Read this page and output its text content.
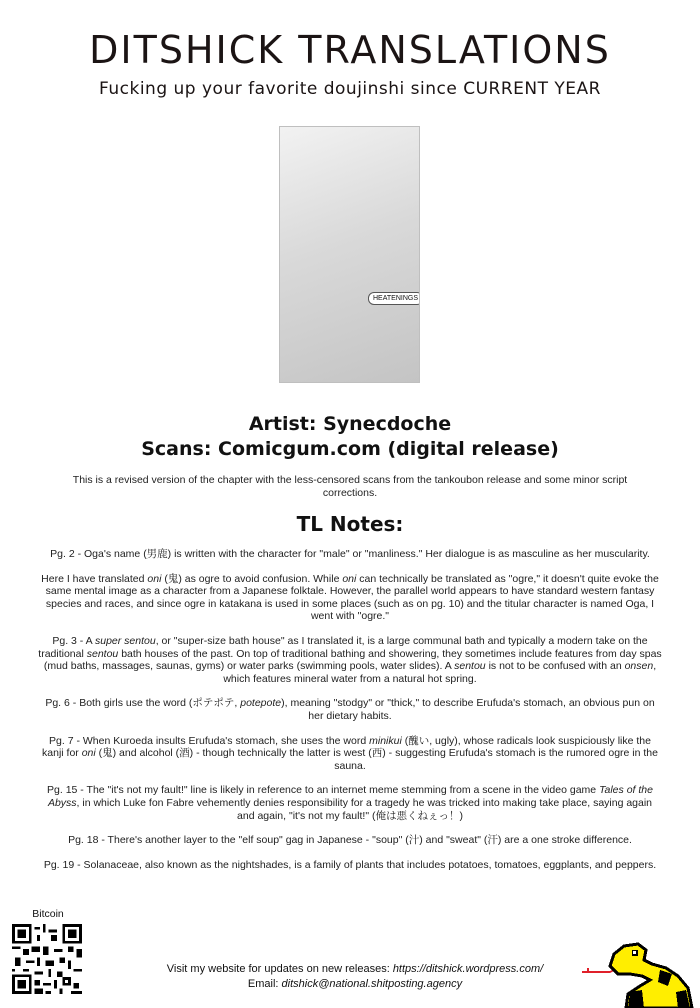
DITSHICK TRANSLATIONS
Fucking up your favorite doujinshi since CURRENT YEAR
HEATENINGS
Artist: Synecdoche
Scans: Comicgum.com (digital release)
This is a revised version of the chapter with the less-censored scans from the tankoubon release and some minor script corrections.
TL Notes:

Pg. 2 - Oga's name (男鹿) is written with the character for "male" or "manliness." Her dialogue is as masculine as her muscularity.

Here I have translated oni (鬼) as ogre to avoid confusion. While oni can technically be translated as "ogre," it doesn't quite evoke the same mental image as a character from a Japanese folktale. However, the parallel world appears to have standard western fantasy species and races, and since ogre in katakana is used in some places (such as on pg. 10) and the titular character is named Oga, I went with "ogre."

Pg. 3 - A super sentou, or "super-size bath house" as I translated it, is a large communal bath and typically a modern take on the traditional sentou bath houses of the past. On top of traditional bathing and showering, they sometimes include features from day spas (mud baths, massages, saunas, gyms) or water parks (swimming pools, water slides). A sentou is not to be confused with an onsen, which features mineral water from a natural hot spring.

Pg. 6 - Both girls use the word (ポテポテ, potepote), meaning "stodgy" or "thick," to describe Erufuda's stomach, an obvious pun on her dietary habits.

Pg. 7 - When Kuroeda insults Erufuda's stomach, she uses the word minikui (醜い, ugly), whose radicals look suspiciously like the kanji for oni (鬼) and alcohol (酒) - though technically the latter is west (西) - suggesting Erufuda's stomach is the rumored ogre in the sauna.

Pg. 15 - The "it's not my fault!" line is likely in reference to an internet meme stemming from a scene in the video game Tales of the Abyss, in which Luke fon Fabre vehemently denies responsibility for a tragedy he was tricked into making take place, saying again and again, "it's not my fault!" (俺は悪くねぇっ！)

Pg. 18 - There's another layer to the "elf soup" gag in Japanese - "soup" (汁) and "sweat" (汗) are a one stroke difference.

Pg. 19 - Solanaceae, also known as the nightshades, is a family of plants that includes potatoes, tomatoes, eggplants, and peppers.

Bitcoin
Visit my website for updates on new releases: https://ditshick.wordpress.com/
Email: ditshick@national.shitposting.agency
